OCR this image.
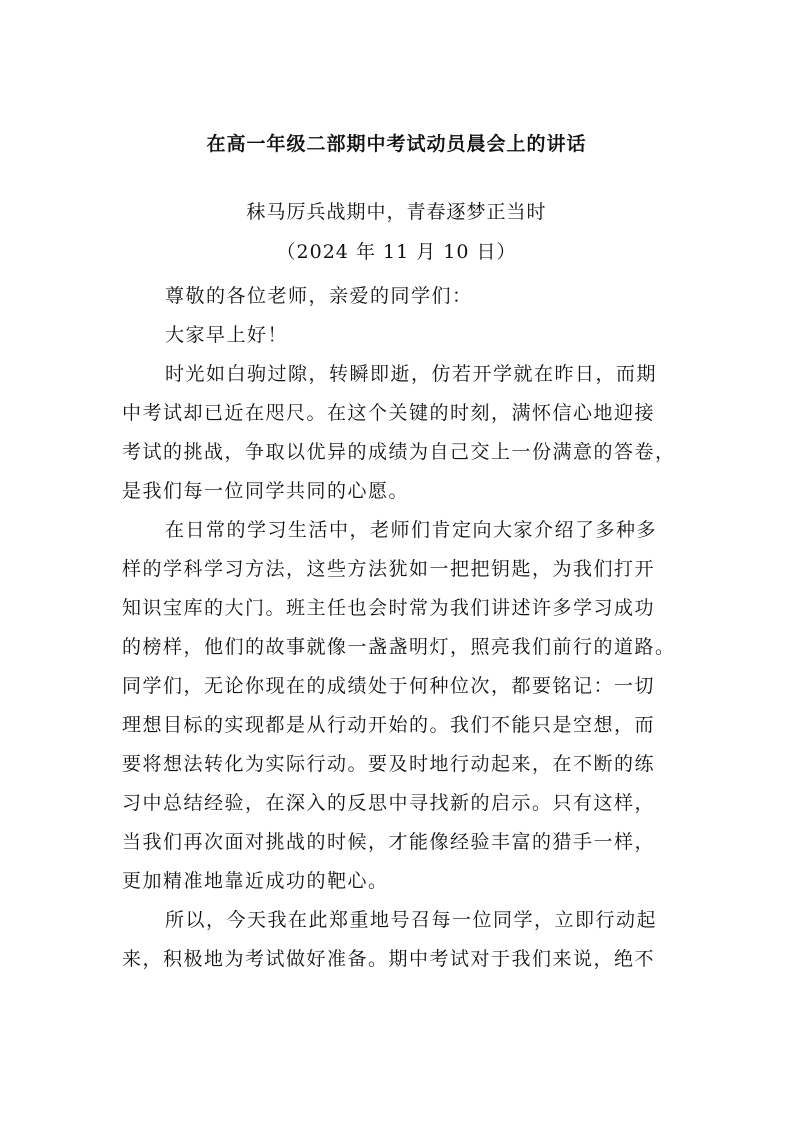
在高一年级二部期中考试动员晨会上的讲话

秣马厉兵战期中，青春逐梦正当时

（2024 年 11 月 10 日）

尊敬的各位老师，亲爱的同学们：
大家早上好！
时光如白驹过隙，转瞬即逝，仿若开学就在昨日，而期
中考试却已近在咫尺。在这个关键的时刻，满怀信心地迎接
考试的挑战，争取以优异的成绩为自己交上一份满意的答卷，
是我们每一位同学共同的心愿。
在日常的学习生活中，老师们肯定向大家介绍了多种多
样的学科学习方法，这些方法犹如一把把钥匙，为我们打开
知识宝库的大门。班主任也会时常为我们讲述许多学习成功
的榜样，他们的故事就像一盏盏明灯，照亮我们前行的道路。
同学们，无论你现在的成绩处于何种位次，都要铭记：一切
理想目标的实现都是从行动开始的。我们不能只是空想，而
要将想法转化为实际行动。要及时地行动起来，在不断的练
习中总结经验，在深入的反思中寻找新的启示。只有这样，
当我们再次面对挑战的时候，才能像经验丰富的猎手一样，
更加精准地靠近成功的靶心。
所以，今天我在此郑重地号召每一位同学，立即行动起
来，积极地为考试做好准备。期中考试对于我们来说，绝不
